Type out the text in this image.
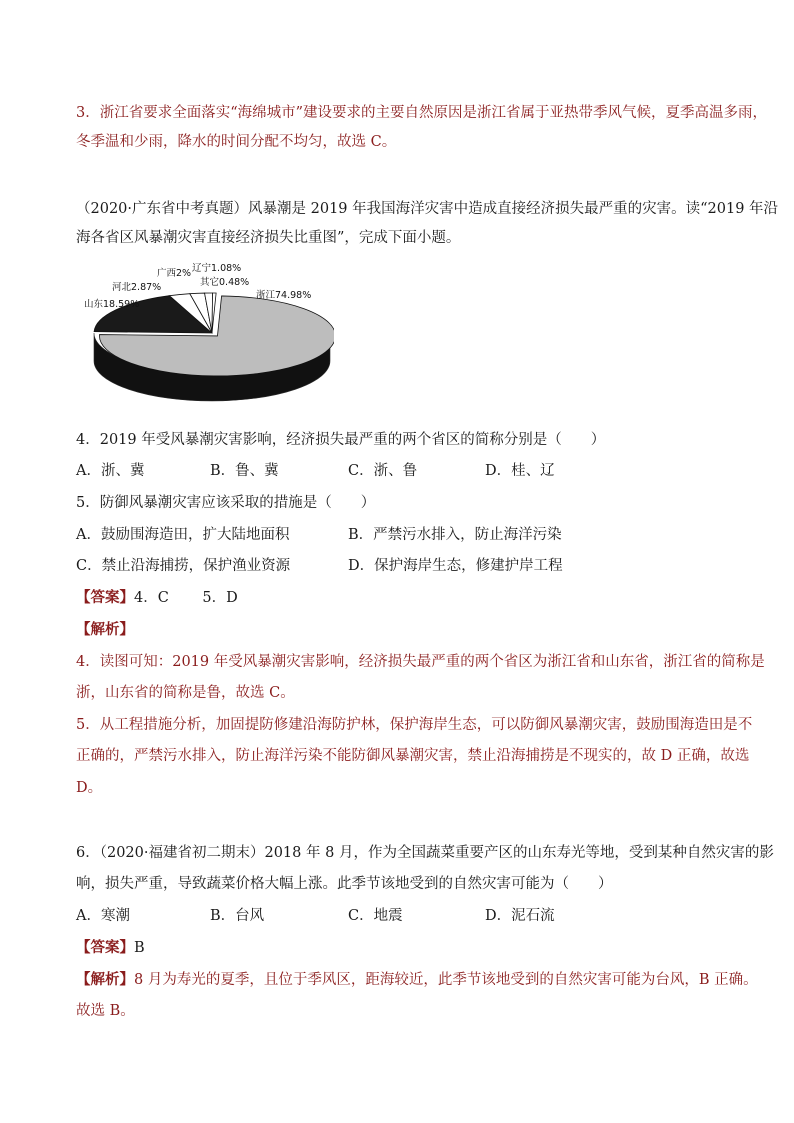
3．浙江省要求全面落实“海绵城市”建设要求的主要自然原因是浙江省属于亚热带季风气候，夏季高温多雨，
冬季温和少雨，降水的时间分配不均匀，故选 C。
（2020·广东省中考真题）风暴潮是 2019 年我国海洋灾害中造成直接经济损失最严重的灾害。读“2019 年沿
海各省区风暴潮灾害直接经济损失比重图”，完成下面小题。
山东18.59%
河北2.87%
广西2% 辽宁1.08%
其它0.48%
浙江74.98%
4．2019 年受风暴潮灾害影响，经济损失最严重的两个省区的简称分别是（　　）
A．浙、冀	B．鲁、冀	C．浙、鲁	D．桂、辽
5．防御风暴潮灾害应该采取的措施是（　　）
A．鼓励围海造田，扩大陆地面积	B．严禁污水排入，防止海洋污染
C．禁止沿海捕捞，保护渔业资源	D．保护海岸生态，修建护岸工程
【答案】4．C　　 5．D
【解析】
4．读图可知：2019 年受风暴潮灾害影响，经济损失最严重的两个省区为浙江省和山东省，浙江省的简称是
浙，山东省的简称是鲁，故选 C。
5．从工程措施分析，加固提防修建沿海防护林，保护海岸生态，可以防御风暴潮灾害，鼓励围海造田是不
正确的，严禁污水排入，防止海洋污染不能防御风暴潮灾害，禁止沿海捕捞是不现实的，故 D 正确，故选
D。
6．（2020·福建省初二期末）2018 年 8 月，作为全国蔬菜重要产区的山东寿光等地，受到某种自然灾害的影
响，损失严重，导致蔬菜价格大幅上涨。此季节该地受到的自然灾害可能为（　　）
A．寒潮	B．台风	C．地震	D．泥石流
【答案】B
【解析】8 月为寿光的夏季，且位于季风区，距海较近，此季节该地受到的自然灾害可能为台风，B 正确。
故选 B。
